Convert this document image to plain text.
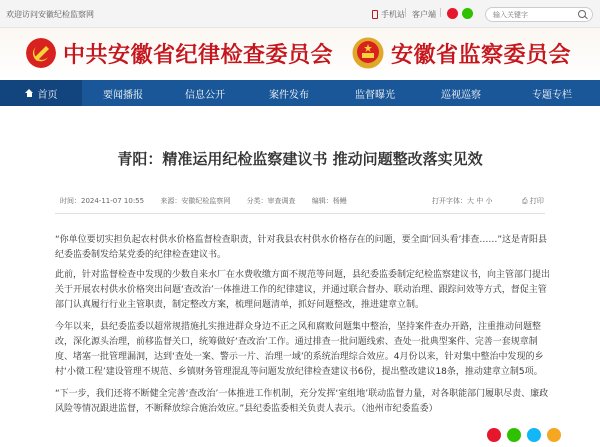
欢迎访问安徽纪检监察网	手机站 | 客户端 |
输入关键字
中共安徽省纪律检查委员会	安徽省监察委员会
首页	要闻播报	信息公开	案件发布	监督曝光	巡视巡察	专题专栏
青阳：精准运用纪检监察建议书 推动问题整改落实见效
时间：2024-11-07 10:55 来源：安徽纪检监察网 分类：审查调查 编辑：杨鳗	打开字体：大 中 小	⎙ 打印

“你单位要切实担负起农村供水价格监督检查职责，针对我县农村供水价格存在的问题，要全面‘回头看’排查……”这是青阳县纪委监委制发给某党委的纪律检查建议书。

此前，针对监督检查中发现的少数自来水厂在水费收缴方面不规范等问题，县纪委监委制定纪检监察建议书，向主管部门提出关于开展农村供水价格突出问题‘查改治’一体推进工作的纪律建议，并通过联合督办、联动治理、跟踪问效等方式，督促主管部门认真履行行业主管职责，制定整改方案，梳理问题清单，抓好问题整改，推进建章立制。

今年以来，县纪委监委以超常规措施扎实推进群众身边不正之风和腐败问题集中整治，坚持案件查办开路，注重推动问题整改，深化源头治理，前移监督关口，统筹做好‘查改治’工作。通过排查一批问题线索、查处一批典型案件、完善一套规章制度、堵塞一批管理漏洞，达到‘查处一案、警示一片、治理一域’的系统治理综合效应。4月份以来，针对集中整治中发现的乡村‘小微工程’建设管理不规范、乡镇财务管理混乱等问题发放纪律检查建议书6份，提出整改建议18条，推动建章立制5项。

“下一步，我们还将不断健全完善‘查改治’一体推进工作机制，充分发挥‘室组地’联动监督力量，对各职能部门履职尽责、廉政风险等情况跟进监督，不断释放综合施治效应。”县纪委监委相关负责人表示。（池州市纪委监委）
